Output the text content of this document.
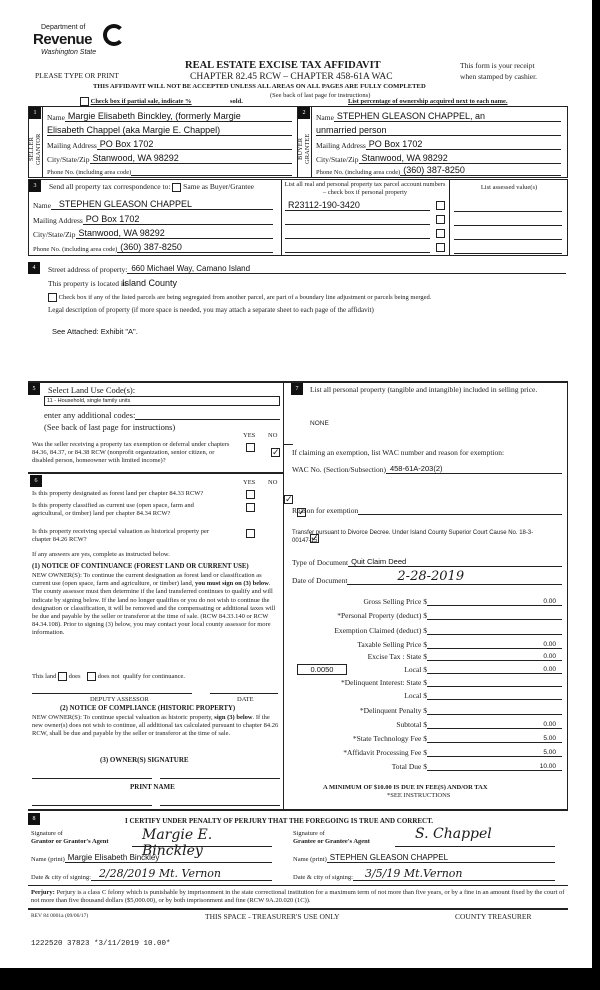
Department of
Revenue
Washington State
PLEASE TYPE OR PRINT
REAL ESTATE EXCISE TAX AFFIDAVIT
CHAPTER 82.45 RCW – CHAPTER 458-61A WAC
This form is your receipt
when stamped by cashier.
THIS AFFIDAVIT WILL NOT BE ACCEPTED UNLESS ALL AREAS ON ALL PAGES ARE FULLY COMPLETED
(See back of last page for instructions)
Check box if partial sale, indicate %	sold.	List percentage of ownership acquired next to each name.
1
SELLER GRANTOR
Name Margie Elisabeth Binckley, (formerly Margie
Elisabeth Chappel (aka Margie E. Chappel)
Mailing Address PO Box 1702
City/State/Zip Stanwood, WA 98292
Phone No. (including area code)
2
BUYER GRANTEE
Name STEPHEN GLEASON CHAPPEL, an
unmarried person
Mailing Address PO Box 1702
City/State/Zip Stanwood, WA 98292
Phone No. (including area code) (360) 387-8250
3	Send all property tax correspondence to: Same as Buyer/Grantee
Name STEPHEN GLEASON CHAPPEL
Mailing Address PO Box 1702
City/State/Zip Stanwood, WA 98292
Phone No. (including area code) (360) 387-8250
List all real and personal property tax parcel account numbers – check box if personal property
List assessed value(s)
R23112-190-3420
4	Street address of property: 660 Michael Way, Camano Island
This property is located in
Island County
Check box if any of the listed parcels are being segregated from another parcel, are part of a boundary line adjustment or parcels being merged.
Legal description of property (if more space is needed, you may attach a separate sheet to each page of the affidavit)
See Attached: Exhibit "A".
5	Select Land Use Code(s):
11 - Household, single family units
enter any additional codes:
(See back of last page for instructions)
YES NO
Was the seller receiving a property tax exemption or deferral under chapters 84.36, 84.37, or 84.38 RCW (nonprofit organization, senior citizen, or disabled person, homeowner with limited income)?
✓
6	YES NO
Is this property designated as forest land per chapter 84.33 RCW?
✓
Is this property classified as current use (open space, farm and agricultural, or timber) land per chapter 84.34 RCW?
✓
Is this property receiving special valuation as historical property per chapter 84.26 RCW?
✓
If any answers are yes, complete as instructed below.
(1) NOTICE OF CONTINUANCE (FOREST LAND OR CURRENT USE)
NEW OWNER(S): To continue the current designation as forest land or classification as current use (open space, farm and agriculture, or timber) land, you must sign on (3) below. The county assessor must then determine if the land transferred continues to qualify and will indicate by signing below. If the land no longer qualifies or you do not wish to continue the designation or classification, it will be removed and the compensating or additional taxes will be due and payable by the seller or transferor at the time of sale. (RCW 84.33.140 or RCW 84.34.108). Prior to signing (3) below, you may contact your local county assessor for more information.
This land does	does not qualify for continuance.
DEPUTY ASSESSOR	DATE
(2) NOTICE OF COMPLIANCE (HISTORIC PROPERTY)
NEW OWNER(S): To continue special valuation as historic property, sign (3) below. If the new owner(s) does not wish to continue, all additional tax calculated pursuant to chapter 84.26 RCW, shall be due and payable by the seller or transferor at the time of sale.
(3) OWNER(S) SIGNATURE
PRINT NAME
7	List all personal property (tangible and intangible) included in selling price.
NONE
If claiming an exemption, list WAC number and reason for exemption:
WAC No. (Section/Subsection) 458-61A-203(2)
Reason for exemption
Transfer pursuant to Divorce Decree. Under Island County Superior Court Cause No. 18-3-00147-15.
Type of Document Quit Claim Deed
Date of Document	2-28-2019
Gross Selling Price $	0.00
*Personal Property (deduct) $
Exemption Claimed (deduct) $
Taxable Selling Price $	0.00
Excise Tax : State $	0.00
0.0050	Local $	0.00
*Delinquent Interest: State $
Local $
*Delinquent Penalty $
Subtotal $	0.00
*State Technology Fee $	5.00
*Affidavit Processing Fee $	5.00
Total Due $	10.00
A MINIMUM OF $10.00 IS DUE IN FEE(S) AND/OR TAX
*SEE INSTRUCTIONS
8	I CERTIFY UNDER PENALTY OF PERJURY THAT THE FOREGOING IS TRUE AND CORRECT.
Signature of
Grantor or Grantor's Agent	Margie E. Binckley
Name (print) Margie Elisabeth Binckley
Date & city of signing: 2/28/2019 Mt. Vernon
Signature of
Grantee or Grantee's Agent	S. Chappel
Name (print) STEPHEN GLEASON CHAPPEL
Date & city of signing:	3/5/19 Mt.Vernon
Perjury: Perjury is a class C felony which is punishable by imprisonment in the state correctional institution for a maximum term of not more than five years, or by a fine in an amount fixed by the court of not more than five thousand dollars ($5,000.00), or by both imprisonment and fine (RCW 9A.20.020 (1C)).
REV 84 0001a (09/06/17)	THIS SPACE - TREASURER'S USE ONLY	COUNTY TREASURER
1222520 37823 *3/11/2019 10.00*
